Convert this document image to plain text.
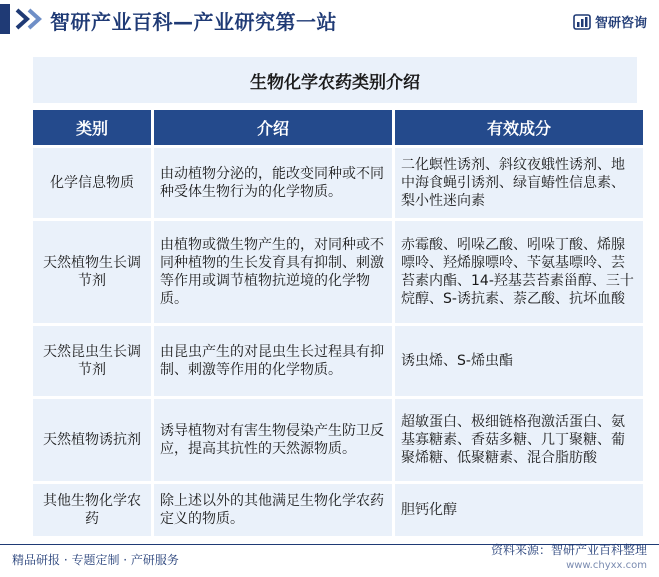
智研产业百科—产业研究第一站	智研咨询
生物化学农药类别介绍
类别	介绍	有效成分
化学信息物质	由动植物分泌的，能改变同种或不同种受体生物行为的化学物质。	二化螟性诱剂、斜纹夜蛾性诱剂、地中海食蝇引诱剂、绿盲蝽性信息素、梨小性迷向素
天然植物生长调节剂	由植物或微生物产生的，对同种或不同种植物的生长发育具有抑制、刺激等作用或调节植物抗逆境的化学物质。	赤霉酸、吲哚乙酸、吲哚丁酸、烯腺嘌呤、羟烯腺嘌呤、苄氨基嘌呤、芸苔素内酯、14-羟基芸苔素甾醇、三十烷醇、S-诱抗素、萘乙酸、抗坏血酸
天然昆虫生长调节剂	由昆虫产生的对昆虫生长过程具有抑制、刺激等作用的化学物质。	诱虫烯、S-烯虫酯
天然植物诱抗剂	诱导植物对有害生物侵染产生防卫反应，提高其抗性的天然源物质。	超敏蛋白、极细链格孢激活蛋白、氨基寡糖素、香菇多糖、几丁聚糖、葡聚烯糖、低聚糖素、混合脂肪酸
其他生物化学农药	除上述以外的其他满足生物化学农药定义的物质。	胆钙化醇
精品研报 · 专题定制 · 产研服务
资料来源：智研产业百科整理
www.chyxx.com
